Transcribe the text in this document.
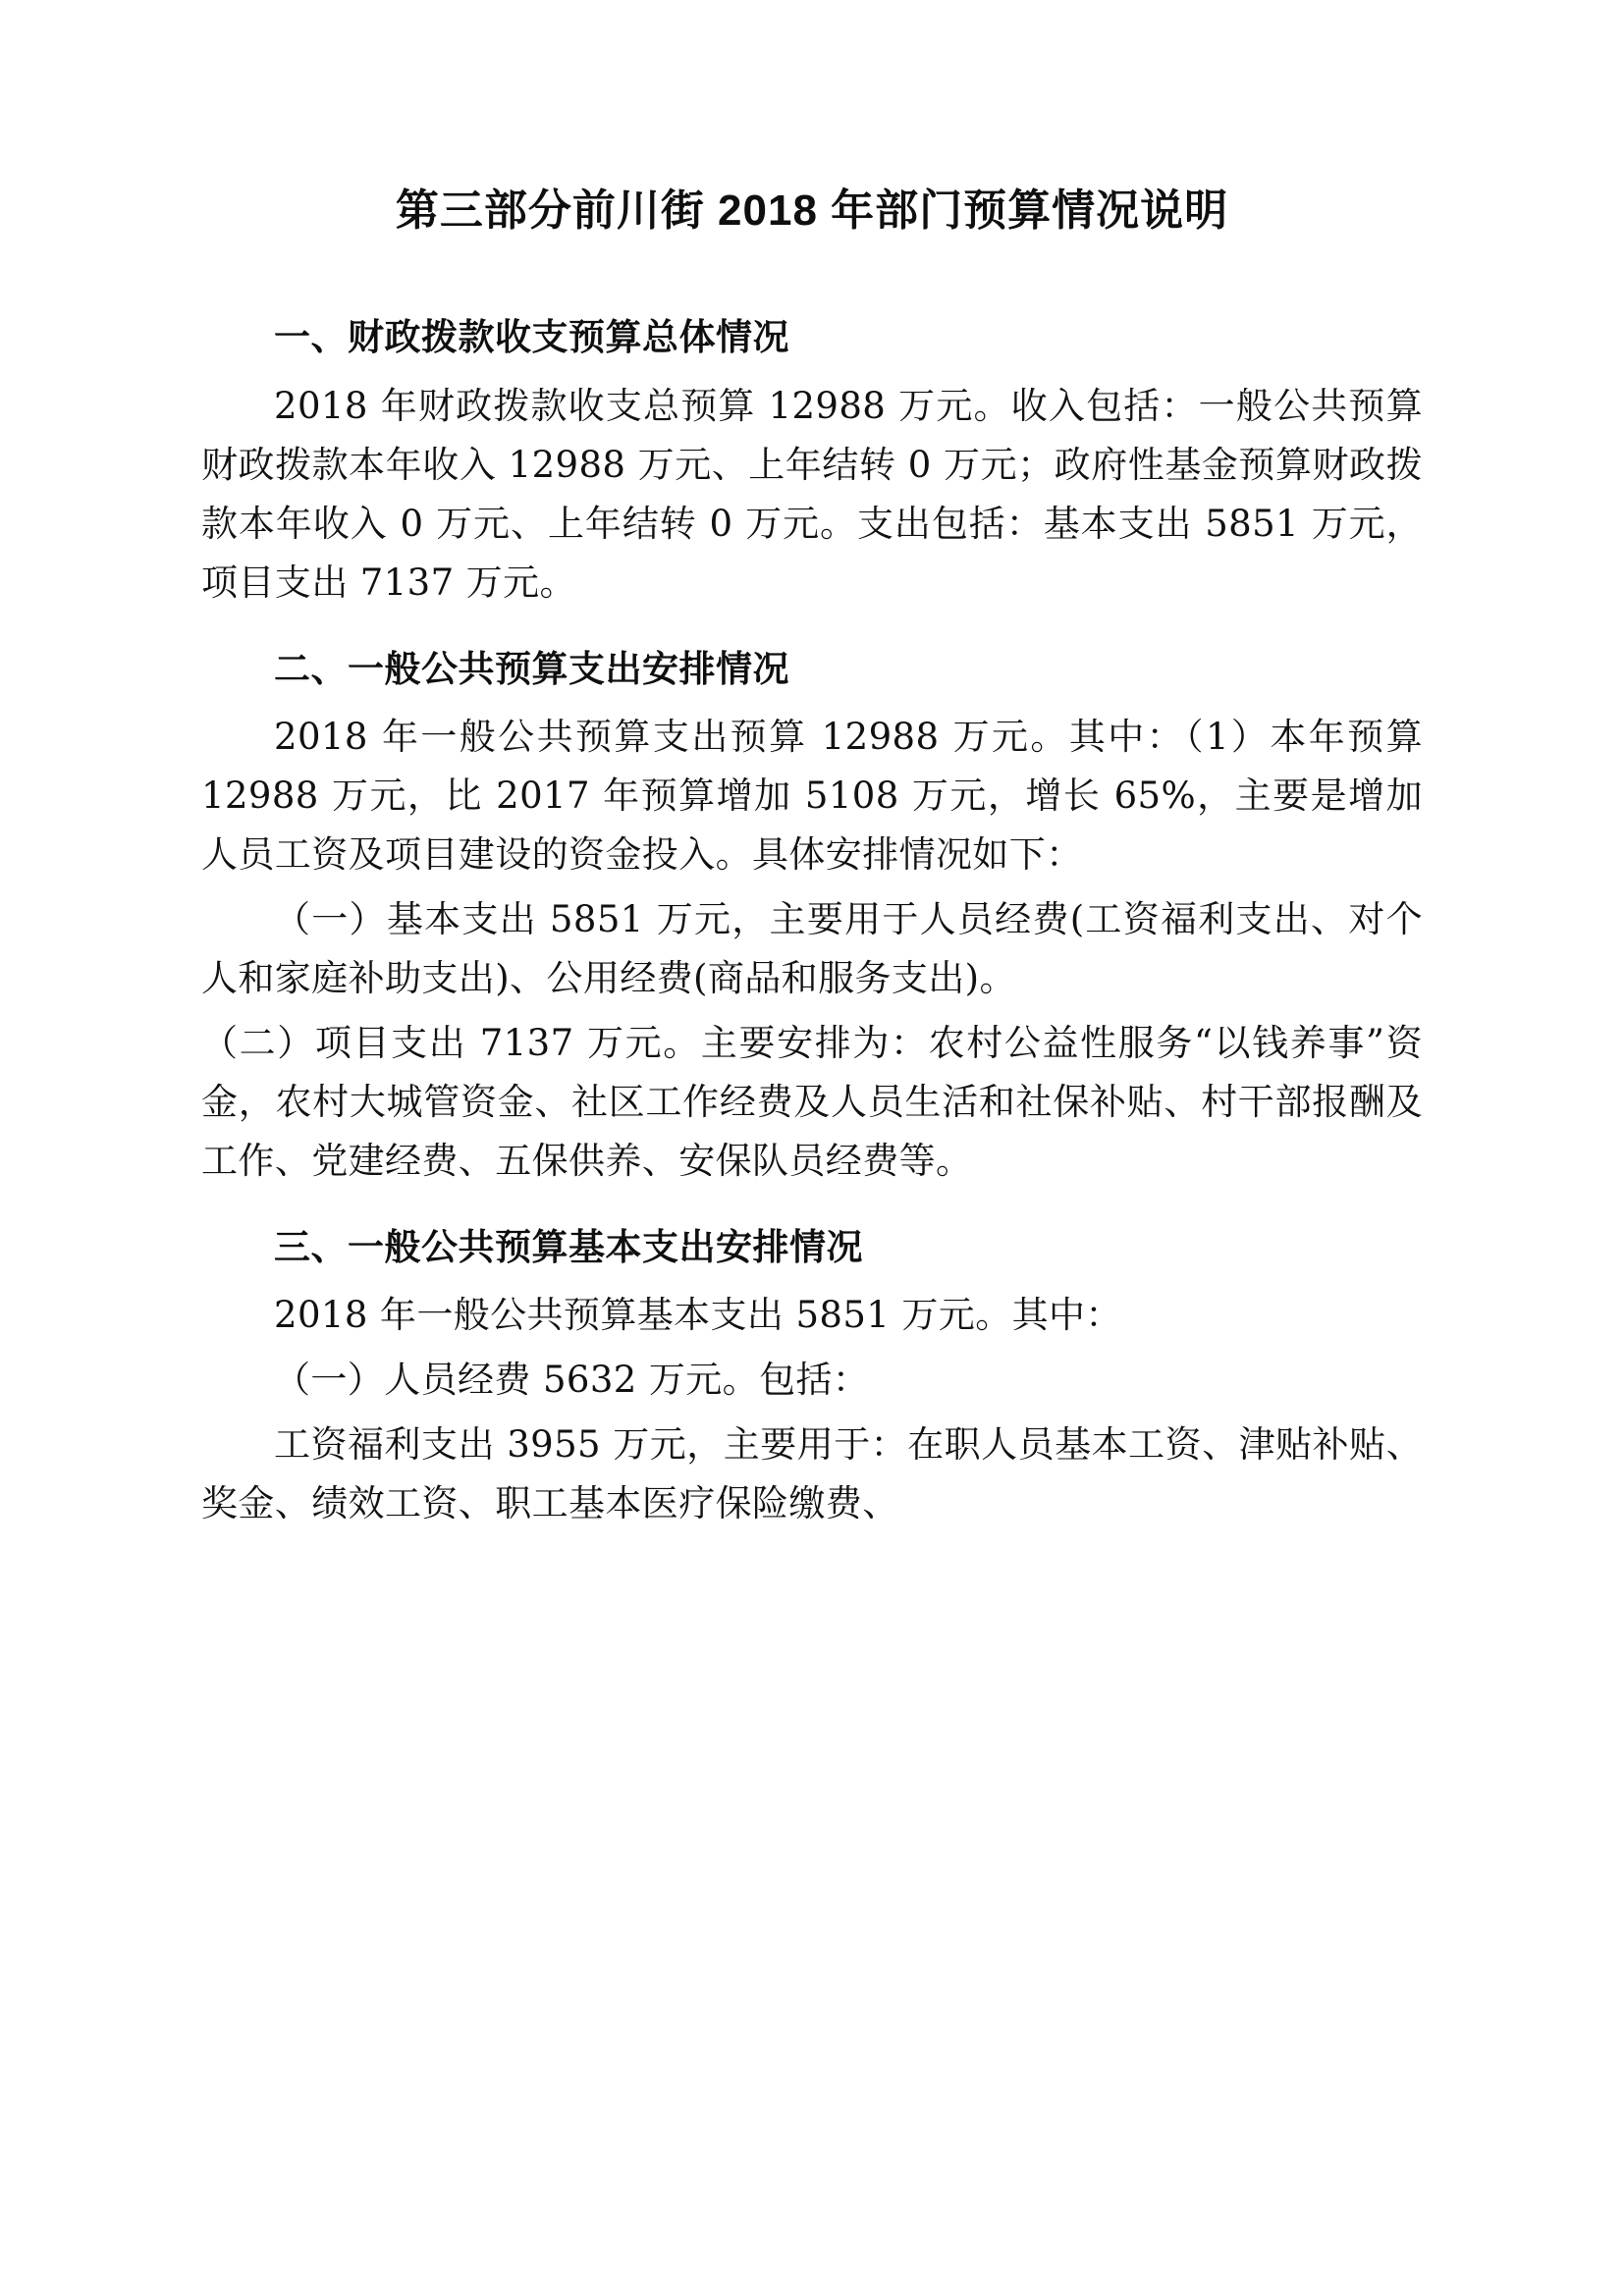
第三部分前川街 2018 年部门预算情况说明
一、财政拨款收支预算总体情况

2018 年财政拨款收支总预算 12988 万元。收入包括：一般公共预算财政拨款本年收入 12988 万元、上年结转 0 万元；政府性基金预算财政拨款本年收入 0 万元、上年结转 0 万元。支出包括：基本支出 5851 万元，项目支出 7137 万元。

二、一般公共预算支出安排情况

2018 年一般公共预算支出预算 12988 万元。其中：（1）本年预算 12988 万元，比 2017 年预算增加 5108 万元，增长 65%，主要是增加人员工资及项目建设的资金投入。具体安排情况如下：

（一）基本支出 5851 万元，主要用于人员经费(工资福利支出、对个人和家庭补助支出)、公用经费(商品和服务支出)。

（二）项目支出 7137 万元。主要安排为：农村公益性服务“以钱养事”资金，农村大城管资金、社区工作经费及人员生活和社保补贴、村干部报酬及工作、党建经费、五保供养、安保队员经费等。

三、一般公共预算基本支出安排情况

2018 年一般公共预算基本支出 5851 万元。其中：

（一）人员经费 5632 万元。包括：

工资福利支出 3955 万元，主要用于：在职人员基本工资、津贴补贴、奖金、绩效工资、职工基本医疗保险缴费、
